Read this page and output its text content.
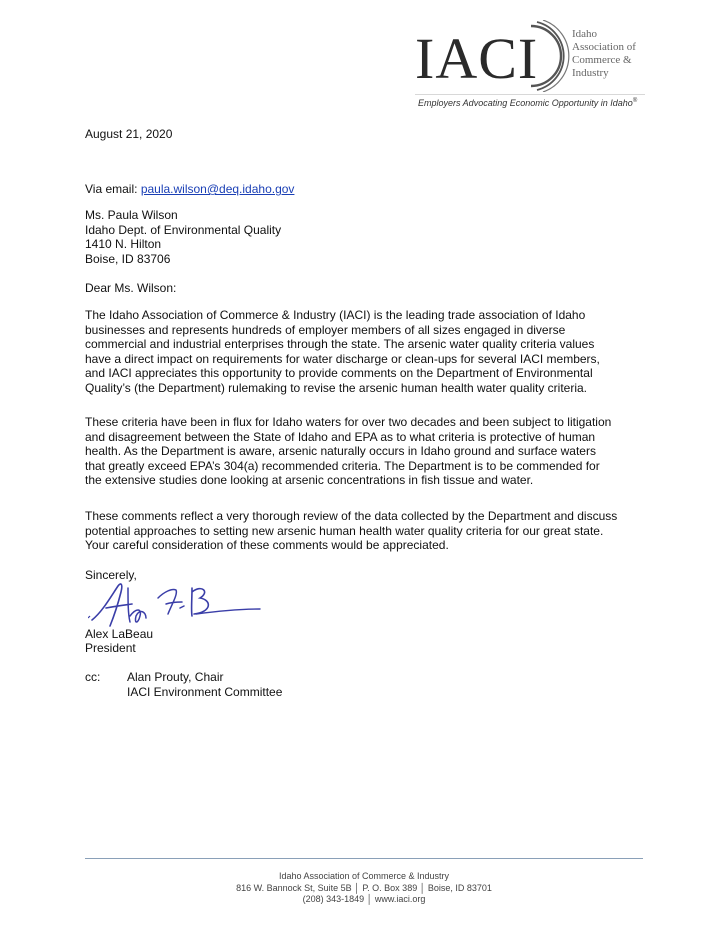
IACI	Idaho
Association of
Commerce &
Industry
Employers Advocating Economic Opportunity in Idaho®
August 21, 2020
Via email: paula.wilson@deq.idaho.gov
Ms. Paula Wilson
Idaho Dept. of Environmental Quality
1410 N. Hilton
Boise, ID 83706
Dear Ms. Wilson:
The Idaho Association of Commerce & Industry (IACI) is the leading trade association of Idaho
businesses and represents hundreds of employer members of all sizes engaged in diverse
commercial and industrial enterprises through the state. The arsenic water quality criteria values
have a direct impact on requirements for water discharge or clean-ups for several IACI members,
and IACI appreciates this opportunity to provide comments on the Department of Environmental
Quality’s (the Department) rulemaking to revise the arsenic human health water quality criteria.
These criteria have been in flux for Idaho waters for over two decades and been subject to litigation
and disagreement between the State of Idaho and EPA as to what criteria is protective of human
health. As the Department is aware, arsenic naturally occurs in Idaho ground and surface waters
that greatly exceed EPA’s 304(a) recommended criteria. The Department is to be commended for
the extensive studies done looking at arsenic concentrations in fish tissue and water.
These comments reflect a very thorough review of the data collected by the Department and discuss
potential approaches to setting new arsenic human health water quality criteria for our great state.
Your careful consideration of these comments would be appreciated.
Sincerely,
Alex LaBeau
President
cc: Alan Prouty, Chair
IACI Environment Committee
Idaho Association of Commerce & Industry
816 W. Bannock St, Suite 5B │ P. O. Box 389 │ Boise, ID 83701
(208) 343-1849 │ www.iaci.org
